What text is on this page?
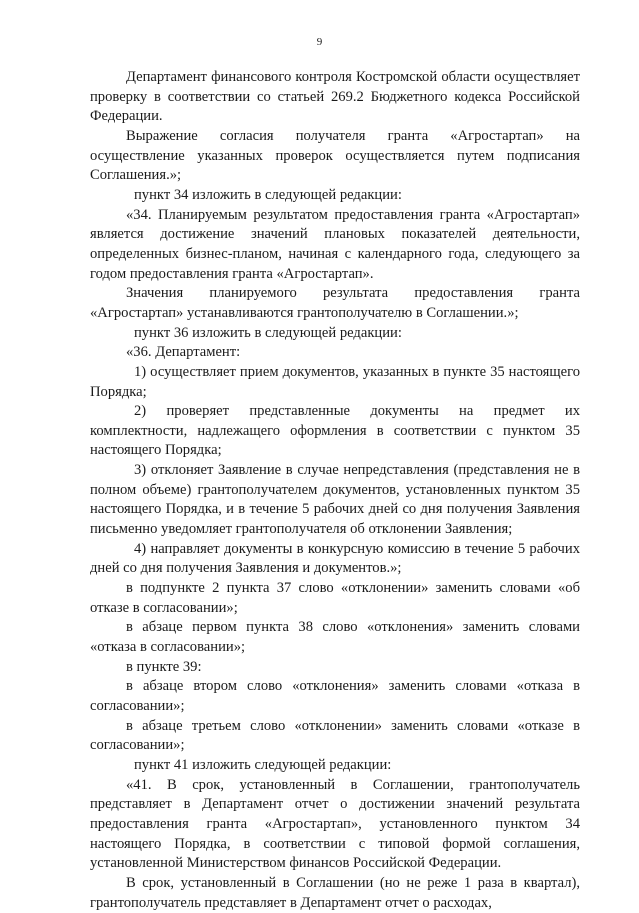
9

Департамент финансового контроля Костромской области осуществляет проверку в соответствии со статьей 269.2 Бюджетного кодекса Российской Федерации.

Выражение согласия получателя гранта «Агростартап» на осуществление указанных проверок осуществляется путем подписания Соглашения.»;

пункт 34 изложить в следующей редакции:

«34. Планируемым результатом предоставления гранта «Агростартап» является достижение значений плановых показателей деятельности, определенных бизнес-планом, начиная с календарного года, следующего за годом предоставления гранта «Агростартап».

Значения планируемого результата предоставления гранта «Агростартап» устанавливаются грантополучателю в Соглашении.»;

пункт 36 изложить в следующей редакции:

«36. Департамент:

1) осуществляет прием документов, указанных в пункте 35 настоящего Порядка;

2) проверяет представленные документы на предмет их комплектности, надлежащего оформления в соответствии с пунктом 35 настоящего Порядка;

3) отклоняет Заявление в случае непредставления (представления не в полном объеме) грантополучателем документов, установленных пунктом 35 настоящего Порядка, и в течение 5 рабочих дней со дня получения Заявления письменно уведомляет грантополучателя об отклонении Заявления;

4) направляет документы в конкурсную комиссию в течение 5 рабочих дней со дня получения Заявления и документов.»;

в подпункте 2 пункта 37 слово «отклонении» заменить словами «об отказе в согласовании»;

в абзаце первом пункта 38 слово «отклонения» заменить словами «отказа в согласовании»;

в пункте 39:

в абзаце втором слово «отклонения» заменить словами «отказа в согласовании»;

в абзаце третьем слово «отклонении» заменить словами «отказе в согласовании»;

пункт 41 изложить следующей редакции:

«41. В срок, установленный в Соглашении, грантополучатель представляет в Департамент отчет о достижении значений результата предоставления гранта «Агростартап», установленного пунктом 34 настоящего Порядка, в соответствии с типовой формой соглашения, установленной Министерством финансов Российской Федерации.

В срок, установленный в Соглашении (но не реже 1 раза в квартал), грантополучатель представляет в Департамент отчет о расходах,
